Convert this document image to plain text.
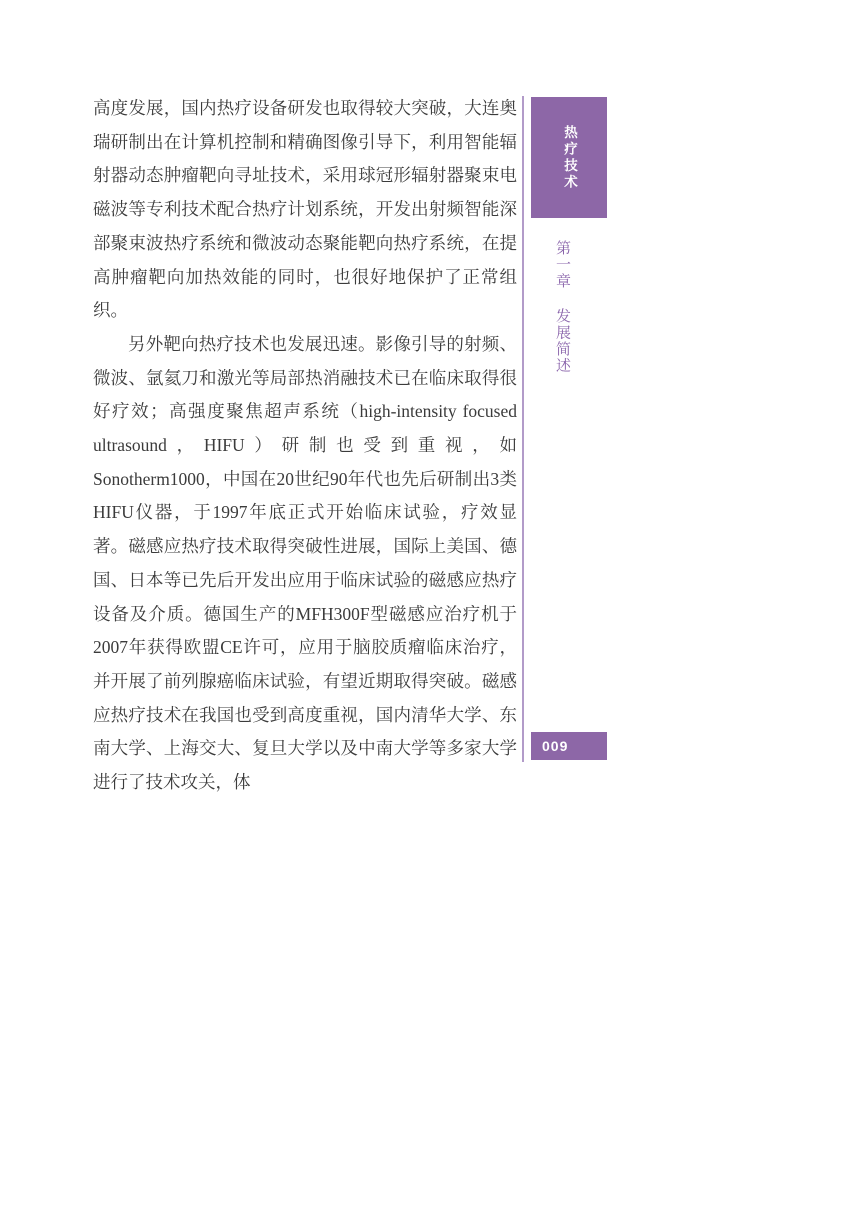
高度发展，国内热疗设备研发也取得较大突破，大连奥瑞研制出在计算机控制和精确图像引导下，利用智能辐射器动态肿瘤靶向寻址技术，采用球冠形辐射器聚束电磁波等专利技术配合热疗计划系统，开发出射频智能深部聚束波热疗系统和微波动态聚能靶向热疗系统，在提高肿瘤靶向加热效能的同时，也很好地保护了正常组织。

另外靶向热疗技术也发展迅速。影像引导的射频、微波、氩氦刀和激光等局部热消融技术已在临床取得很好疗效；高强度聚焦超声系统（high-intensity focused ultrasound，HIFU）研制也受到重视，如 Sonotherm1000，中国在20世纪90年代也先后研制出3类HIFU仪器，于1997年底正式开始临床试验，疗效显著。磁感应热疗技术取得突破性进展，国际上美国、德国、日本等已先后开发出应用于临床试验的磁感应热疗设备及介质。德国生产的MFH300F型磁感应治疗机于2007年获得欧盟CE许可，应用于脑胶质瘤临床治疗，并开展了前列腺癌临床试验，有望近期取得突破。磁感应热疗技术在我国也受到高度重视，国内清华大学、东南大学、上海交大、复旦大学以及中南大学等多家大学进行了技术攻关，体

热疗技术
第一章 发展简述
009
